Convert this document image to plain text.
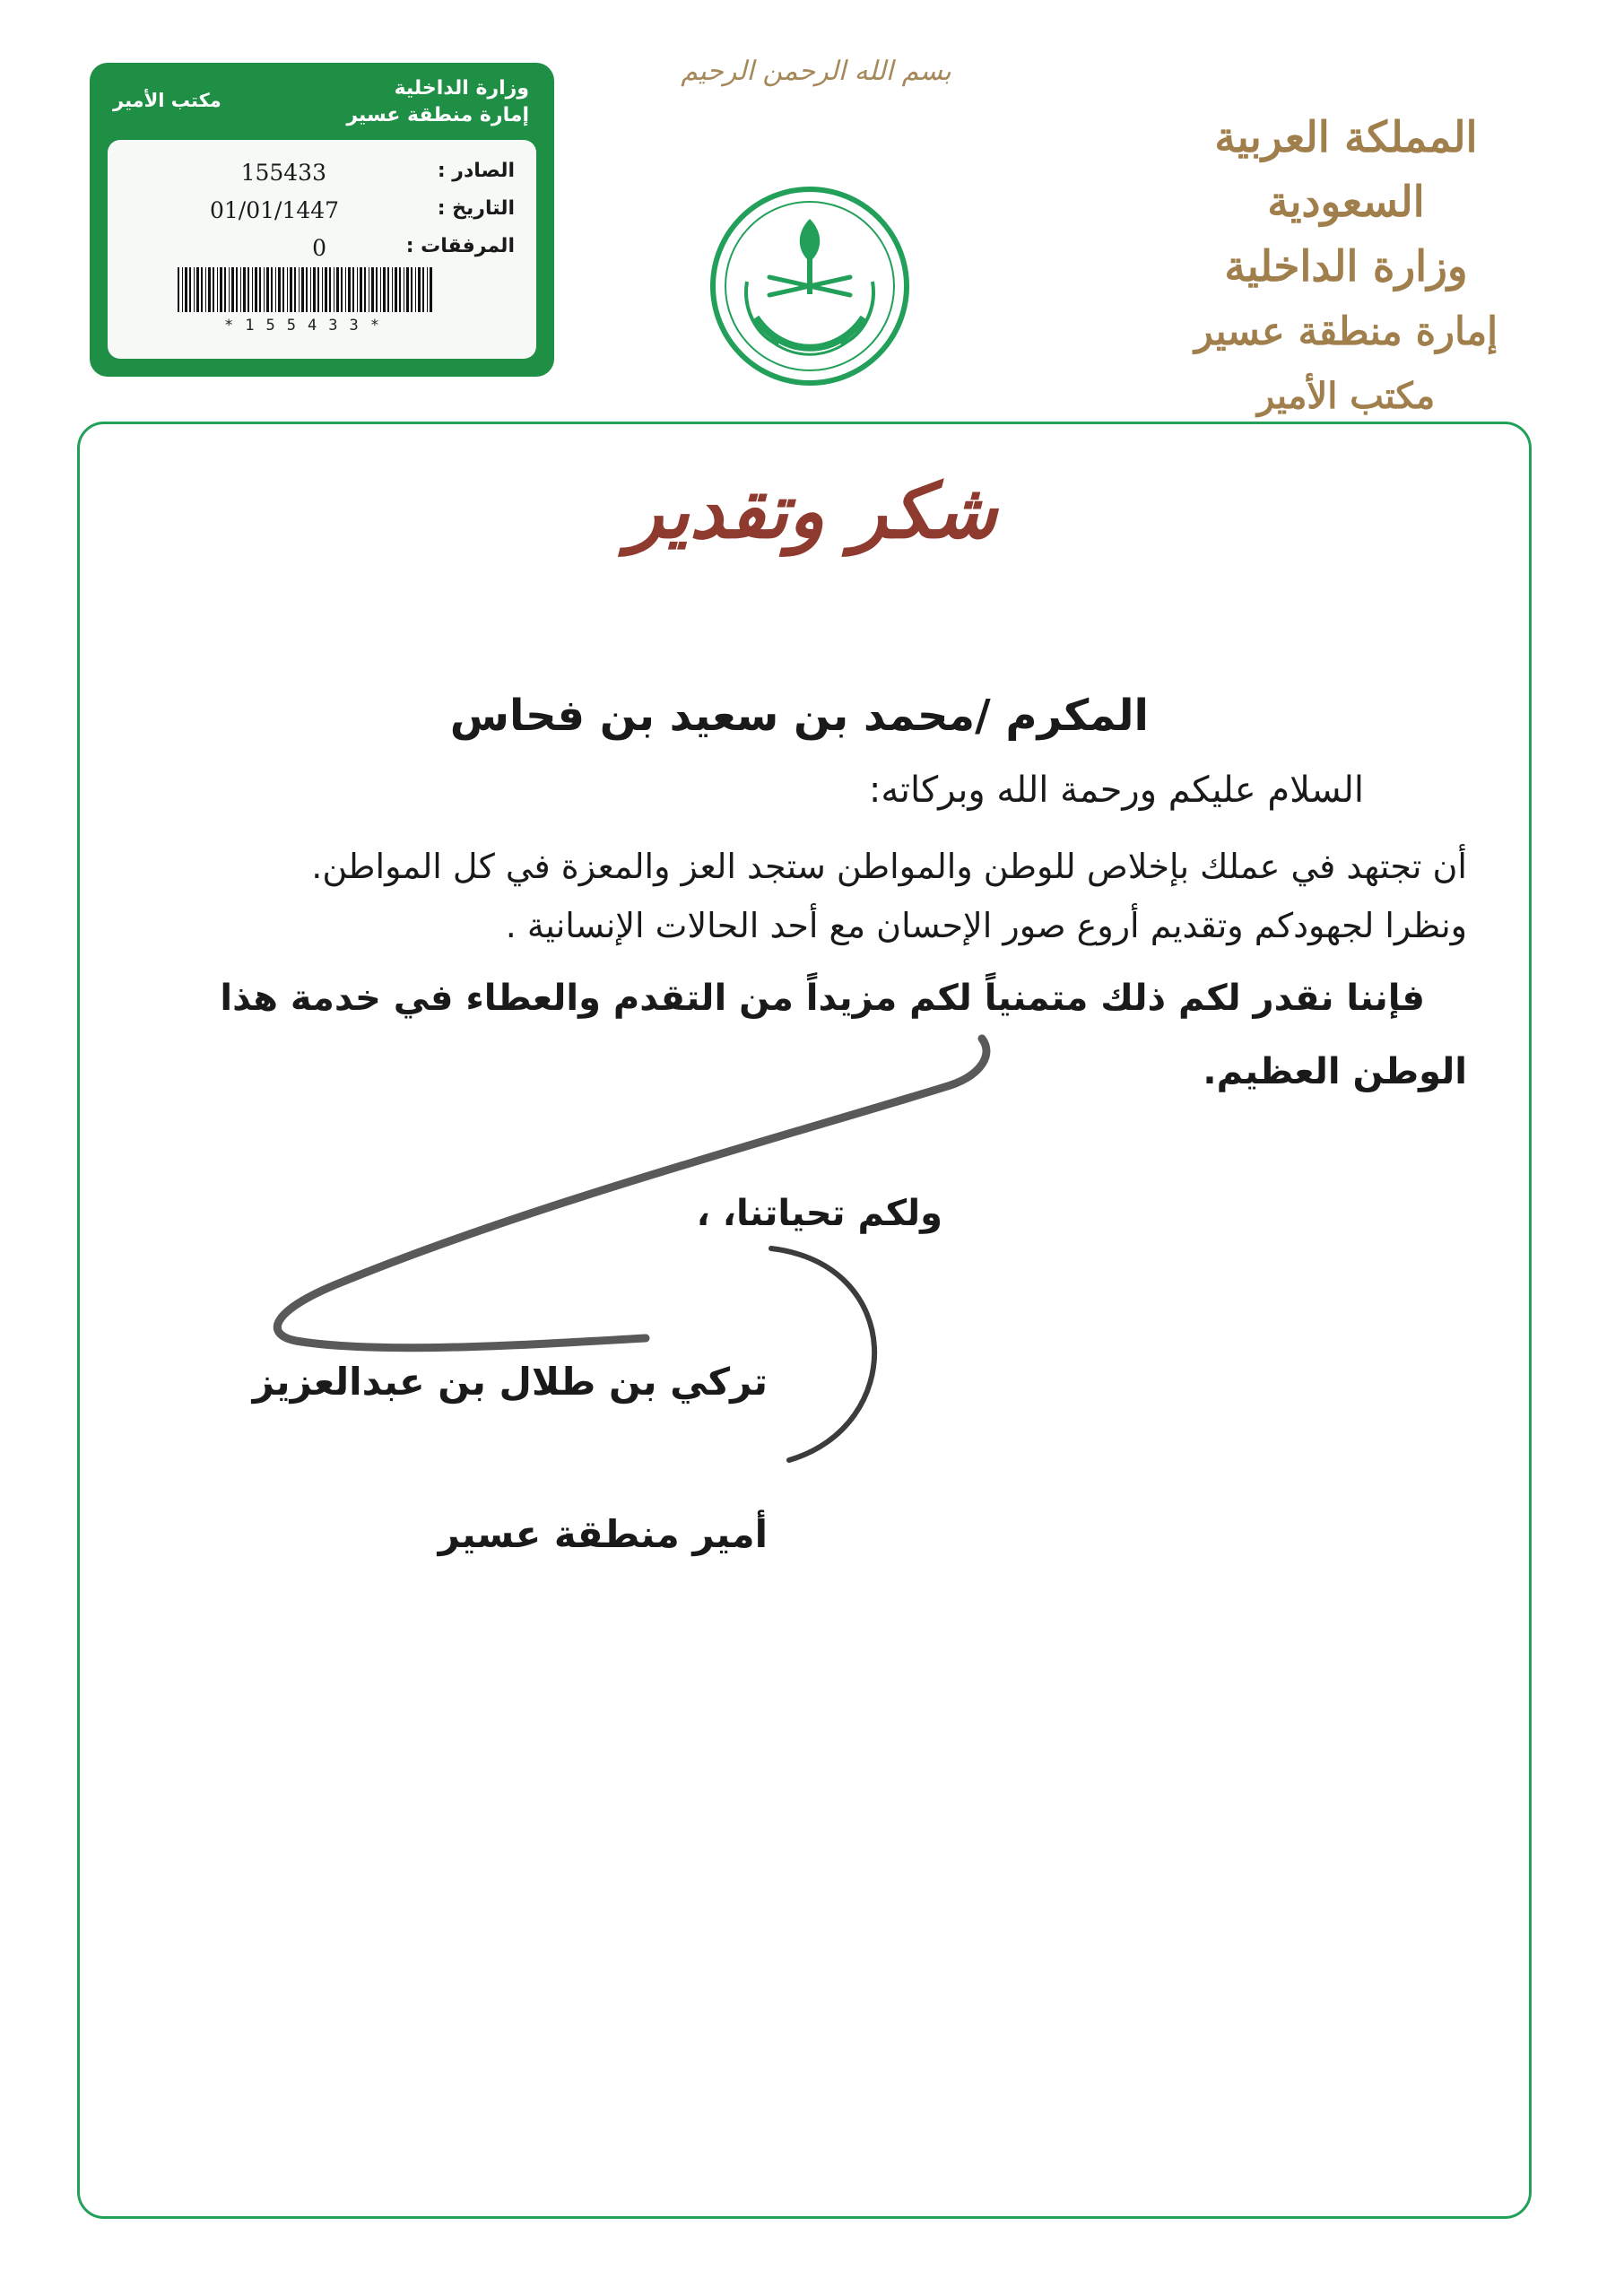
وزارة الداخلية
إمارة منطقة عسير
مكتب الأمير
الصادر :
155433
التاريخ :
01/01/1447
المرفقات :
0
*155433*
بسم الله الرحمن الرحيم
المملكة العربية السعودية
وزارة الداخلية
إمارة منطقة عسير
مكتب الأمير
شكر وتقدير
المكرم /محمد بن سعيد بن فحاس
السلام عليكم ورحمة الله وبركاته:
أن تجتهد في عملك بإخلاص للوطن والمواطن ستجد العز والمعزة في كل المواطن.
ونظرا لجهودكم وتقديم أروع صور الإحسان مع أحد الحالات الإنسانية .
فإننا نقدر لكم ذلك متمنياً لكم مزيداً من التقدم والعطاء في خدمة هذا
الوطن العظيم.
ولكم تحياتنا، ،
تركي بن طلال بن عبدالعزيز
أمير منطقة عسير
